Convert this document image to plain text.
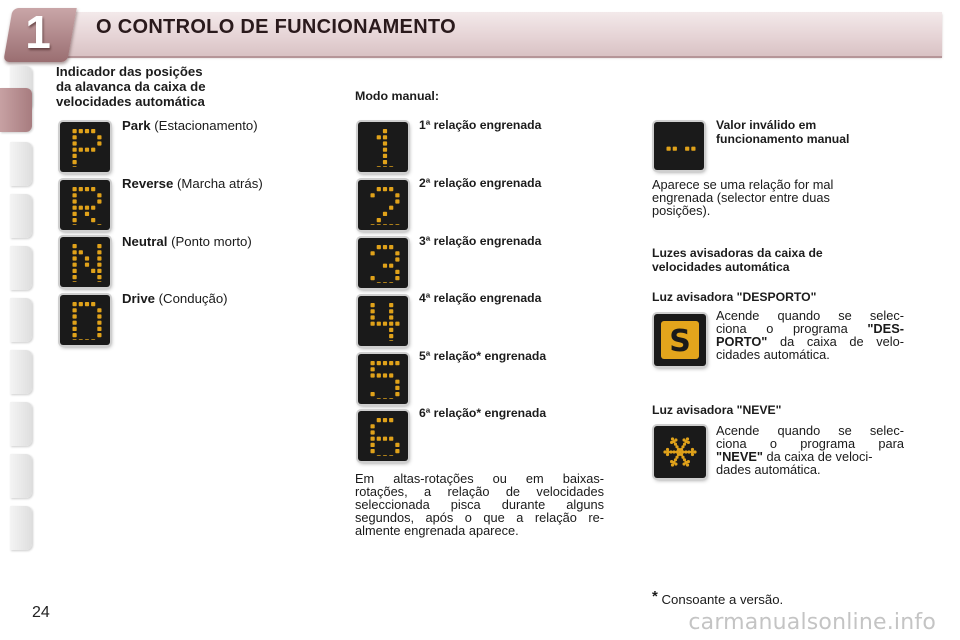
1	O CONTROLO DE FUNCIONAMENTO
Indicador das posições
da alavanca da caixa de
velocidades automática
Park (Estacionamento)
Reverse (Marcha atrás)
Neutral (Ponto morto)
Drive (Condução)
Modo manual:
1ª relação engrenada
2ª relação engrenada
3ª relação engrenada
4ª relação engrenada
5ª relação* engrenada
6ª relação* engrenada
Em altas-rotações ou em baixas-
rotações, a relação de velocidades
seleccionada pisca durante alguns
segundos, após o que a relação re-
almente engrenada aparece.
Valor inválido em
funcionamento manual
Aparece se uma relação for mal
engrenada (selector entre duas
posições).
Luzes avisadoras da caixa de
velocidades automática
Luz avisadora "DESPORTO"
S
Acende quando se selec-
ciona o programa "DES-
PORTO" da caixa de velo-
cidades automática.
Luz avisadora "NEVE"
Acende quando se selec-
ciona o programa para
"NEVE" da caixa de veloci-
dades automática.
* Consoante a versão.
24	carmanualsonline.info
